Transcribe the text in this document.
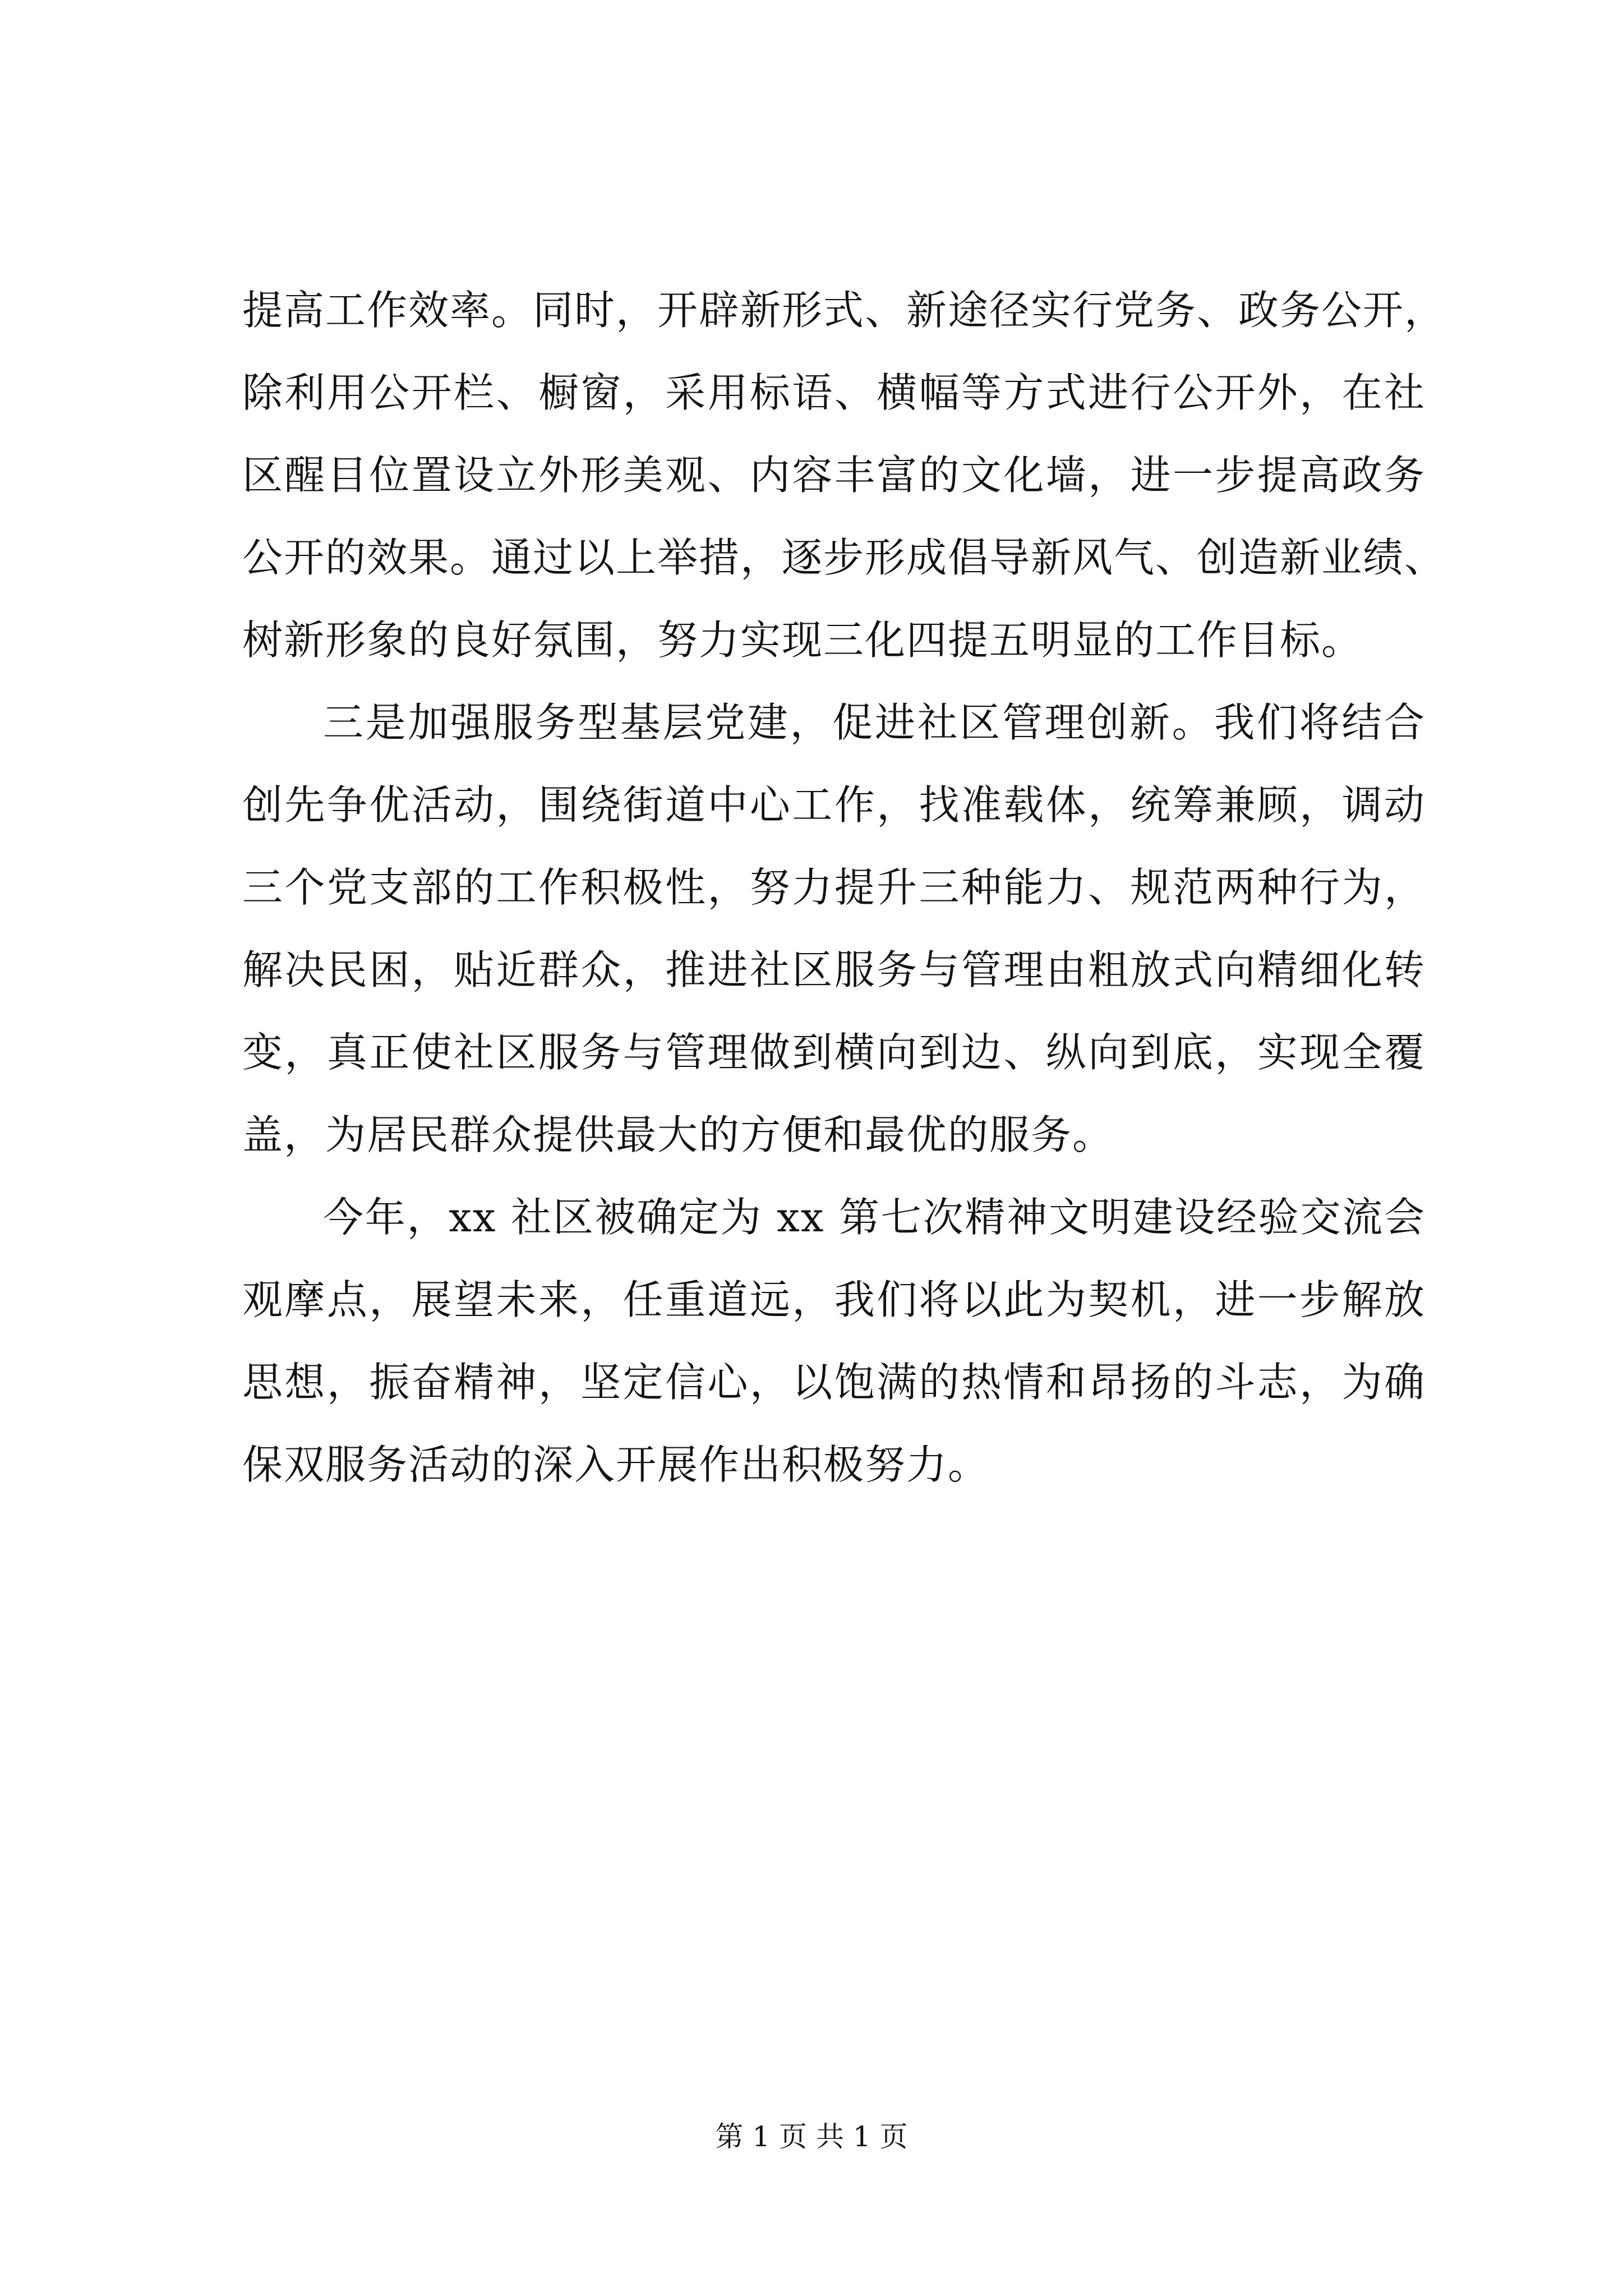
提高工作效率。同时，开辟新形式、新途径实行党务、政务公开，
除利用公开栏、橱窗，采用标语、横幅等方式进行公开外，在社
区醒目位置设立外形美观、内容丰富的文化墙，进一步提高政务
公开的效果。通过以上举措，逐步形成倡导新风气、创造新业绩、
树新形象的良好氛围，努力实现三化四提五明显的工作目标。

三是加强服务型基层党建，促进社区管理创新。我们将结合
创先争优活动，围绕街道中心工作，找准载体，统筹兼顾，调动
三个党支部的工作积极性，努力提升三种能力、规范两种行为，
解决民困，贴近群众，推进社区服务与管理由粗放式向精细化转
变，真正使社区服务与管理做到横向到边、纵向到底，实现全覆
盖，为居民群众提供最大的方便和最优的服务。

今年，xx 社区被确定为 xx 第七次精神文明建设经验交流会
观摩点，展望未来，任重道远，我们将以此为契机，进一步解放
思想，振奋精神，坚定信心，以饱满的热情和昂扬的斗志，为确
保双服务活动的深入开展作出积极努力。

第 1 页 共 1 页
